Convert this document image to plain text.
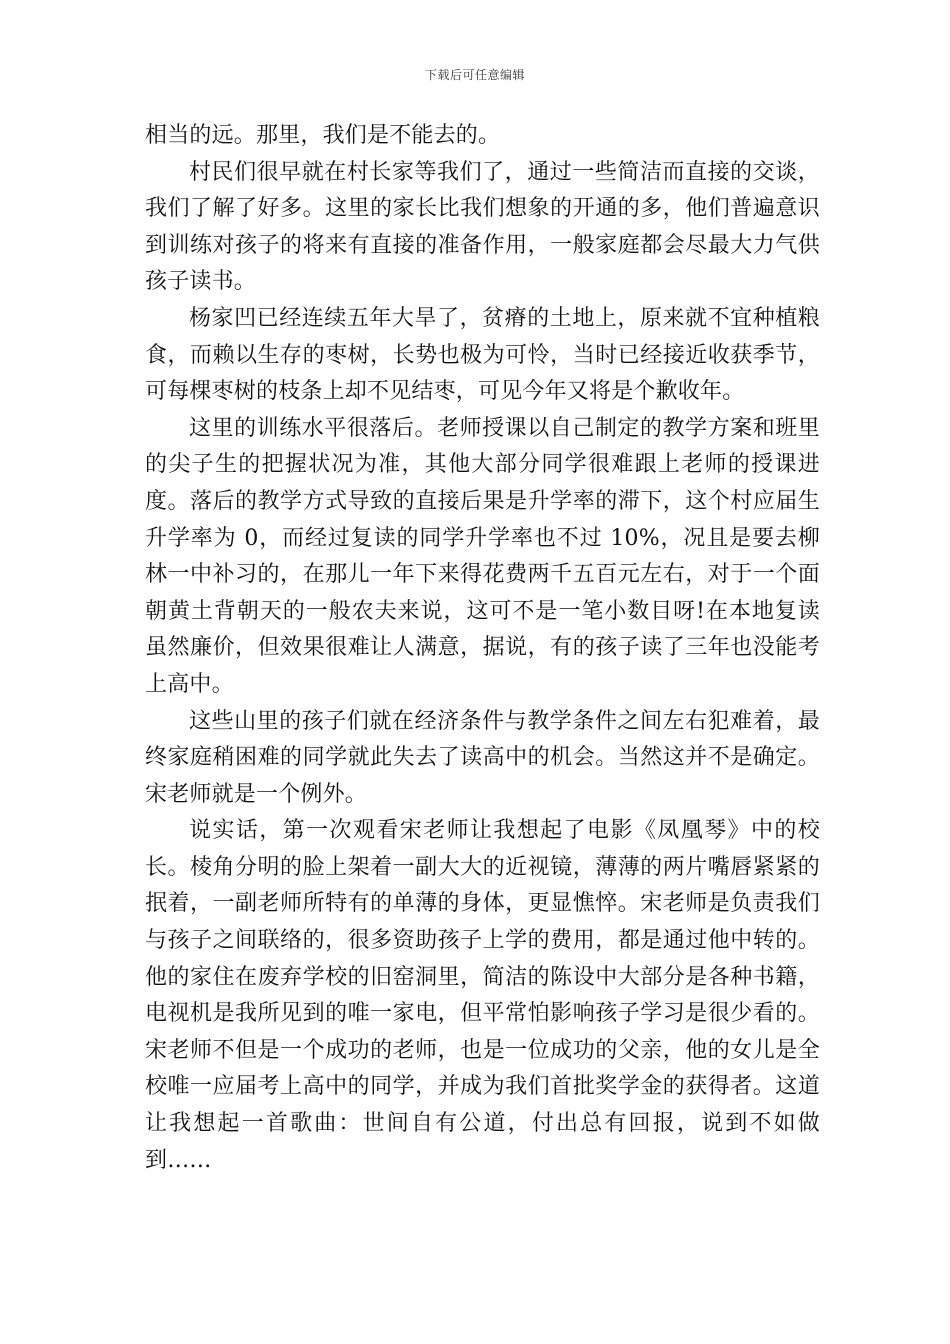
下载后可任意编辑

相当的远。那里，我们是不能去的。

村民们很早就在村长家等我们了，通过一些简洁而直接的交谈，我们了解了好多。这里的家长比我们想象的开通的多，他们普遍意识到训练对孩子的将来有直接的准备作用，一般家庭都会尽最大力气供孩子读书。

杨家凹已经连续五年大旱了，贫瘠的土地上，原来就不宜种植粮食，而赖以生存的枣树，长势也极为可怜，当时已经接近收获季节，可每棵枣树的枝条上却不见结枣，可见今年又将是个歉收年。

这里的训练水平很落后。老师授课以自己制定的教学方案和班里的尖子生的把握状况为准，其他大部分同学很难跟上老师的授课进度。落后的教学方式导致的直接后果是升学率的滞下，这个村应届生升学率为 0，而经过复读的同学升学率也不过 10%，况且是要去柳林一中补习的，在那儿一年下来得花费两千五百元左右，对于一个面朝黄土背朝天的一般农夫来说，这可不是一笔小数目呀!在本地复读虽然廉价，但效果很难让人满意，据说，有的孩子读了三年也没能考上高中。

这些山里的孩子们就在经济条件与教学条件之间左右犯难着，最终家庭稍困难的同学就此失去了读高中的机会。当然这并不是确定。宋老师就是一个例外。

说实话，第一次观看宋老师让我想起了电影《凤凰琴》中的校长。棱角分明的脸上架着一副大大的近视镜，薄薄的两片嘴唇紧紧的抿着，一副老师所特有的单薄的身体，更显憔悴。宋老师是负责我们与孩子之间联络的，很多资助孩子上学的费用，都是通过他中转的。他的家住在废弃学校的旧窑洞里，简洁的陈设中大部分是各种书籍，电视机是我所见到的唯一家电，但平常怕影响孩子学习是很少看的。宋老师不但是一个成功的老师，也是一位成功的父亲，他的女儿是全校唯一应届考上高中的同学，并成为我们首批奖学金的获得者。这道让我想起一首歌曲：世间自有公道，付出总有回报，说到不如做到……
